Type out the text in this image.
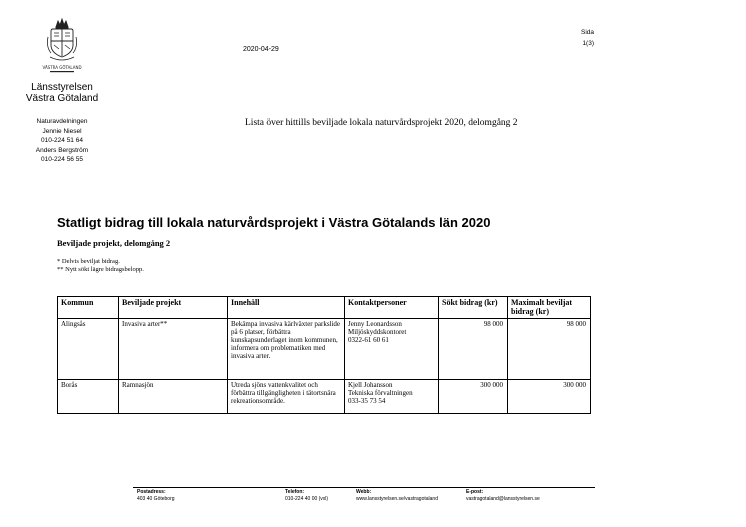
VÄSTRA GÖTALAND
Länsstyrelsen
Västra Götaland
Naturavdelningen
Jennie Niesel
010-224 51 64
Anders Bergström
010-224 56 55
2020-04-29
Sida
1(3)
Lista över hittills beviljade lokala naturvårdsprojekt 2020, delomgång 2
Statligt bidrag till lokala naturvårdsprojekt i Västra Götalands län 2020
Beviljade projekt, delomgång 2
* Delvis beviljat bidrag.
** Nytt sökt lägre bidragsbelopp.
Kommun	Beviljade projekt	Innehåll	Kontaktpersoner	Sökt bidrag (kr)	Maximalt beviljat bidrag (kr)
Alingsås	Invasiva arter**	Bekämpa invasiva kärlväxter parkslide på 6 platser, förbättra kunskapsunderlaget inom kommunen, informera om problematiken med invasiva arter.	Jenny Leonardsson
Miljöskyddskontoret
0322-61 60 61	98 000	98 000
Borås	Ramnasjön	Utreda sjöns vattenkvalitet och förbättra tillgängligheten i tätortsnära rekreationsområde.	Kjell Johansson
Tekniska förvaltningen
033-35 73 54	300 000	300 000
Postadress:
403 40 Göteborg
Telefon:
010-224 40 00 (vxl)
Webb:
www.lansstyrelsen.se/vastragotaland
E-post:
vastragotaland@lansstyrelsen.se
